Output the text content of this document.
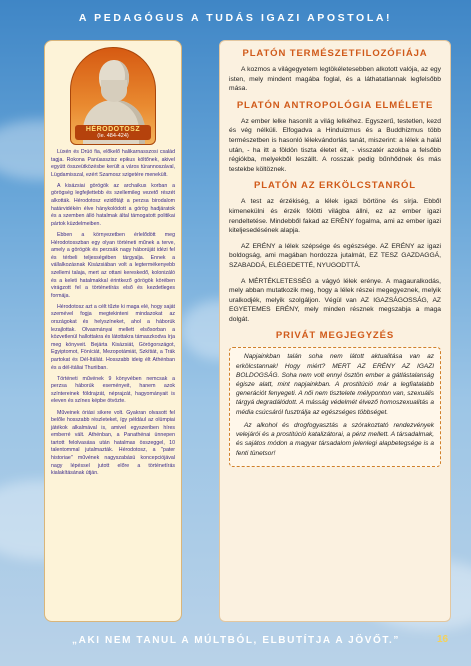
A PEDAGÓGUS A TUDÁS IGAZI APOSTOLA!
HÉRODOTOSZ
(Ie. 484-424)

Lüxén és Drüó fia, előkelő halikarnasszosi család tagja. Rokona Panüasszisz epikus költőnek, akivel együtt összeütközésbe került a város türannoszával, Lügdamisszal, ezért Szamosz szigetére menekült.

A kisázsiai görögök az archaikus korban a görögség legfejlettebb és szellemileg vezető részét alkották. Hérodotosz ezidőtájt a perzsa birodalom határvidékén élve hánykolódott a görög hadjáratok és a szemben álló hatalmak által támogatott politikai pártok küzdelmeiben.

Ebben a környezetben érlelődött meg Hérodotosszban egy olyan történeti műnek a terve, amely a görögök és perzsák nagy háborúját idézi fel és térbeli teljességében tárgyalja. Ennek a vállalkozásnak Kisázsiában volt a legtermékenyebb szellemi talaja, mert az ottani kereskedő, kolonizáló és a keleti hatalmakkal érintkező görögök körében virágzott fel a történetírás első és kezdetleges formája.

Hérodotosz azt a célt tűzte ki maga elé, hogy saját szemével fogja megtekinteni mindazokat az országokat és helyszíneket, ahol a háborúk lezajlottak. Olvasmányai mellett elsősorban a közvetlenül hallottakra és látottakra támaszkodva írja meg könyveit. Bejárta Kisázsiát, Görögországot, Egyiptomot, Föníciát, Mezopotámiát, Szkítiát, a Trák partokat és Dél-Itáliát. Hosszabb ideig élt Athénban és a dél-itáliai Thuriiban.

Történeti művének 9 könyvében nemcsak a perzsa háborúk eseményeit, hanem azok színtereinek földrajzát, néprajzát, hagyományait is eleven és színes képbe ötvözte.

Műveinek óriási sikere volt. Gyakran olvasott fel belőle hosszabb részleteket, így például az olümpiai játékok alkalmával is, amivel egyszeriben híres emberré vált. Athénban, a Panathénai ünnepen tartott felolvasása után hatalmas összeggel, 10 talentommal jutalmazták. Hérodotosz, a "pater historiae" művének nagyszabású koncepciójával nagy lépéssel jutott előre a történetírás kialakításának útján.

PLATÓN TERMÉSZETFILOZÓFIÁJA

A kozmos a világegyetem legtökéletesebben alkotott valója, az egy isten, mely mindent magába foglal, és a láthatatlannak legfelsőbb mása.

PLATÓN ANTROPOLÓGIA ELMÉLETE

Az ember lelke hasonlít a világ lelkéhez. Egyszerű, testetlen, kezd és vég nélküli. Elfogadva a Hinduizmus és a Buddhizmus több természetben is hasonló lélekvándorlás tanát, miszerint: a lélek a halál után, - ha itt a földön tiszta életet élt, - visszatér azokba a felsőbb régiókba, melyekből leszállt. A rosszak pedig bűnhődnek és más testekbe költöznek.

PLATÓN AZ ERKÖLCSTANRÓL

A test az érzékiség, a lélek igazi börtöne és sírja. Ebből kimenekülni és érzék fölötti világba állni, ez az ember igazi rendeltetése. Mindebből fakad az ERÉNY fogalma, ami az ember igazi kiteljesedésének alapja.

AZ ERÉNY a lélek szépsége és egészsége. AZ ERÉNY az igazi boldogság, ami magában hordozza jutalmát, EZ TESZ GAZDAGGÁ, SZABADDÁ, ELÉGEDETTÉ, NYUGODTTÁ.

A MÉRTÉKLETESSÉG a vágyó lélek erénye. A magauralkodás, mely abban mutatkozik meg, hogy a lélek részei megegyeznek, melyik uralkodjék, melyik szolgáljon. Végül van AZ IGAZSÁGOSSÁG, AZ EGYETEMES ERÉNY, mely minden résznek megszabja a maga dolgát.

PRIVÁT MEGJEGYZÉS

Napjainkban talán soha nem látott aktualitása van az erkölcstannak! Hogy miért? MERT AZ ERÉNY AZ IGAZI BOLDOGSÁG. Soha nem volt ennyi ösztön ember a gátlástalanság égisze alatt, mint napjainkban. A prostitúció már a legfiatalabb generációt fenyegeti. A női nem tisztelete mélyponton van, szexuális tárgyá degradálódott. A másság védelmét élvező homoszexualitás a média csúcsáról fusztrálja az egészséges többséget.

Az alkohol és drogfogyasztás a szórakoztató rendezvények velejárói és a prostitúció katalizátorai, a pénz mellett. A társadalmak, és sajátos módon a magyar társadalom jelenlegi alapbetegsége is a fenti tünetsor!

„AKI NEM TANUL A MÚLTBÓL, ELBUTÍTJA A JÖVŐT.”	16
